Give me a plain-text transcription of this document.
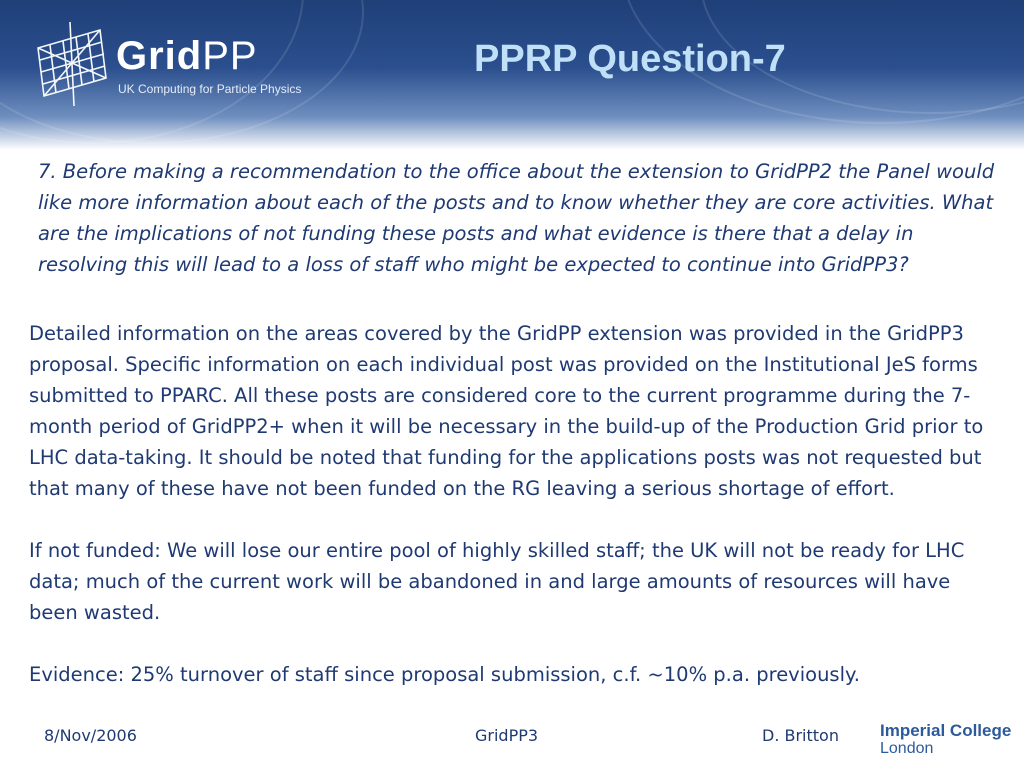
GridPP
UK Computing for Particle Physics
PPRP Question-7
7. Before making a recommendation to the office about the extension to GridPP2 the Panel would like more information about each of the posts and to know whether they are core activities. What are the implications of not funding these posts and what evidence is there that a delay in resolving this will lead to a loss of staff who might be expected to continue into GridPP3?

Detailed information on the areas covered by the GridPP extension was provided in the GridPP3 proposal. Specific information on each individual post was provided on the Institutional JeS forms submitted to PPARC. All these posts are considered core to the current programme during the 7-month period of GridPP2+ when it will be necessary in the build-up of the Production Grid prior to LHC data-taking. It should be noted that funding for the applications posts was not requested but that many of these have not been funded on the RG leaving a serious shortage of effort.

If not funded: We will lose our entire pool of highly skilled staff; the UK will not be ready for LHC data; much of the current work will be abandoned in and large amounts of resources will have been wasted.

Evidence: 25% turnover of staff since proposal submission, c.f. ~10% p.a. previously.

8/Nov/2006	GridPP3	D. Britton Imperial College
London
